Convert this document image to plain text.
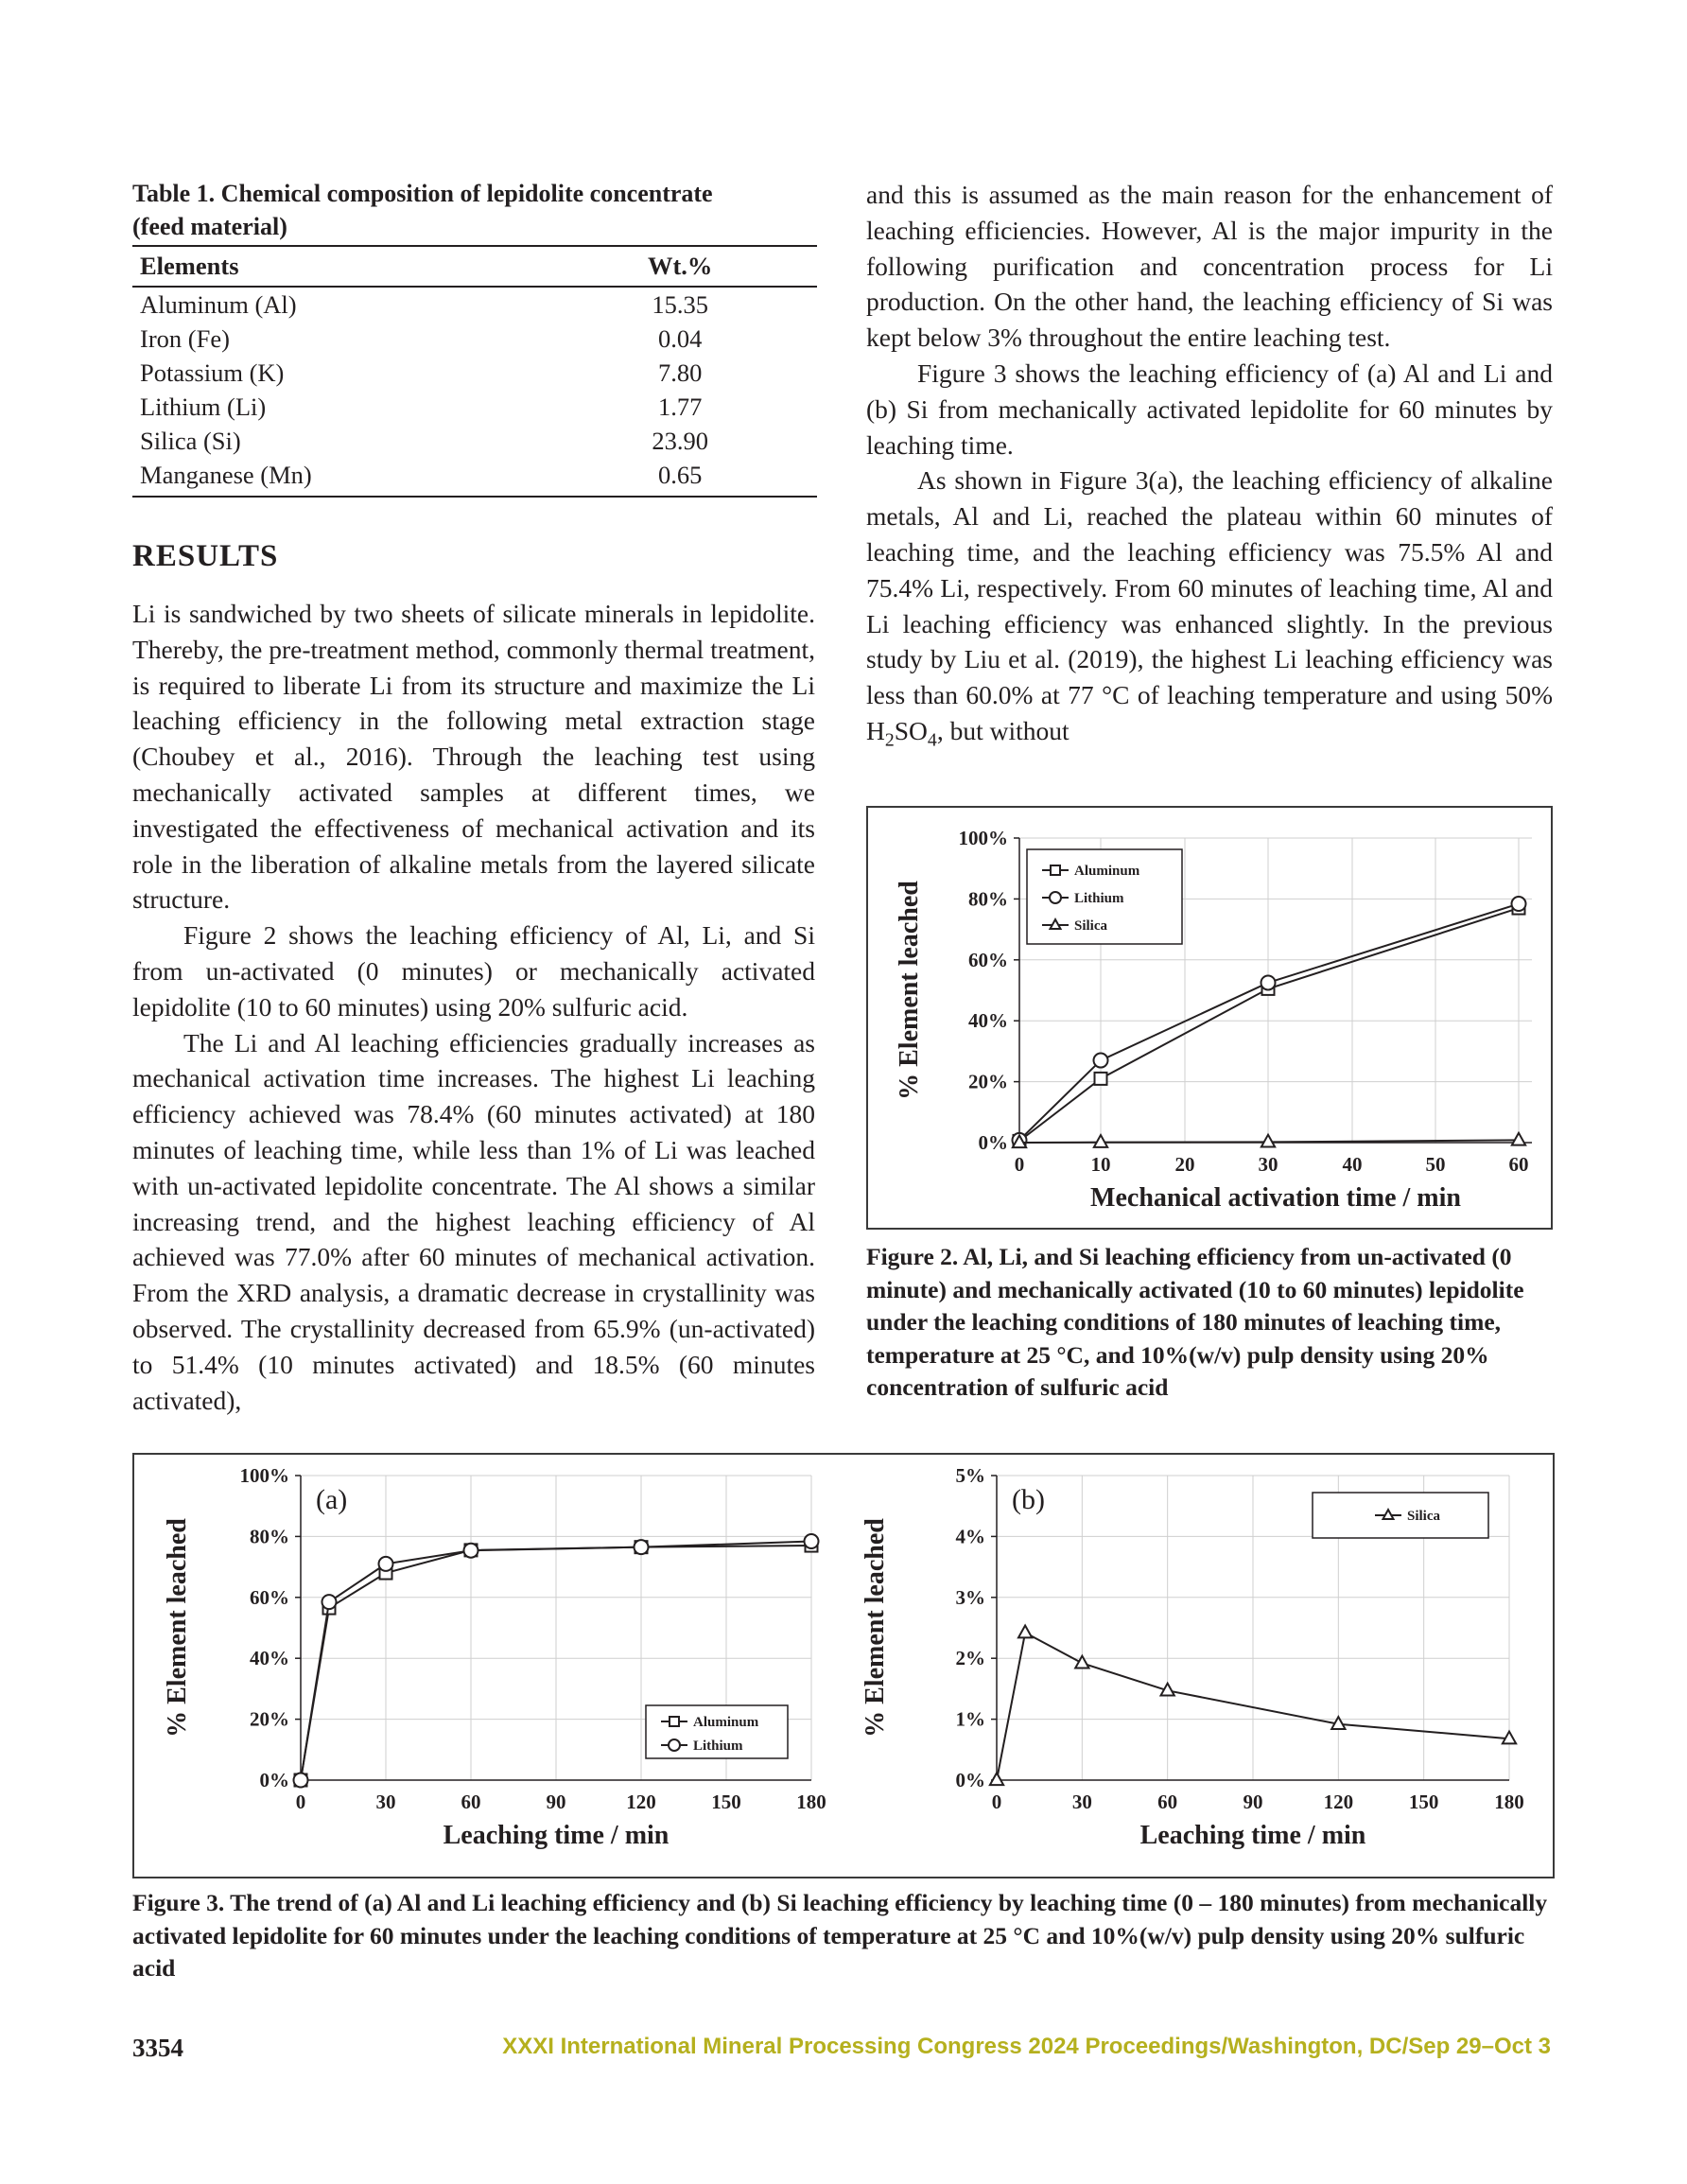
Table 1. Chemical composition of lepidolite concentrate
(feed material)
Elements	Wt.%
Aluminum (Al)	15.35
Iron (Fe)	0.04
Potassium (K)	7.80
Lithium (Li)	1.77
Silica (Si)	23.90
Manganese (Mn)	0.65
RESULTS

Li is sandwiched by two sheets of silicate minerals in lepidolite. Thereby, the pre-treatment method, commonly thermal treatment, is required to liberate Li from its structure and maximize the Li leaching efficiency in the following metal extraction stage (Choubey et al., 2016). Through the leaching test using mechanically activated samples at different times, we investigated the effectiveness of mechanical activation and its role in the liberation of alkaline metals from the layered silicate structure.

Figure 2 shows the leaching efficiency of Al, Li, and Si from un-activated (0 minutes) or mechanically activated lepidolite (10 to 60 minutes) using 20% sulfuric acid.

The Li and Al leaching efficiencies gradually increases as mechanical activation time increases. The highest Li leaching efficiency achieved was 78.4% (60 minutes activated) at 180 minutes of leaching time, while less than 1% of Li was leached with un-activated lepidolite concentrate. The Al shows a similar increasing trend, and the highest leaching efficiency of Al achieved was 77.0% after 60 minutes of mechanical activation. From the XRD analysis, a dramatic decrease in crystallinity was observed. The crystallinity decreased from 65.9% (un-activated) to 51.4% (10 minutes activated) and 18.5% (60 minutes activated),

and this is assumed as the main reason for the enhancement of leaching efficiencies. However, Al is the major impurity in the following purification and concentration process for Li production. On the other hand, the leaching efficiency of Si was kept below 3% throughout the entire leaching test.

Figure 3 shows the leaching efficiency of (a) Al and Li and (b) Si from mechanically activated lepidolite for 60 minutes by leaching time.

As shown in Figure 3(a), the leaching efficiency of alkaline metals, Al and Li, reached the plateau within 60 minutes of leaching time, and the leaching efficiency was 75.5% Al and 75.4% Li, respectively. From 60 minutes of leaching time, Al and Li leaching efficiency was enhanced slightly. In the previous study by Liu et al. (2019), the highest Li leaching efficiency was less than 60.0% at 77 °C of leaching temperature and using 50% $H_2SO_4$, but without

0%
20%
40%
60%
80%
100%
0	10	20	30	40	50	60
Mechanical activation time / min
% Element leached
Aluminum
Lithium
Silica

Figure 2. Al, Li, and Si leaching efficiency from un-activated (0 minute) and mechanically activated (10 to 60 minutes) lepidolite under the leaching conditions of 180 minutes of leaching time, temperature at 25 °C, and 10%(w/v) pulp density using 20% concentration of sulfuric acid

0%
20%
40%
60%
80%
100%
0	30	60	90	120	150	180
Leaching time / min
% Element leached
(a)
Aluminum
Lithium
0%
1%
2%
3%
4%
5%
0	30	60	90	120	150	180
Leaching time / min
% Element leached
(b)
Silica

Figure 3. The trend of (a) Al and Li leaching efficiency and (b) Si leaching efficiency by leaching time (0 – 180 minutes) from mechanically activated lepidolite for 60 minutes under the leaching conditions of temperature at 25 °C and 10%(w/v) pulp density using 20% sulfuric acid

3354	XXXI International Mineral Processing Congress 2024 Proceedings/Washington, DC/Sep 29–Oct 3
